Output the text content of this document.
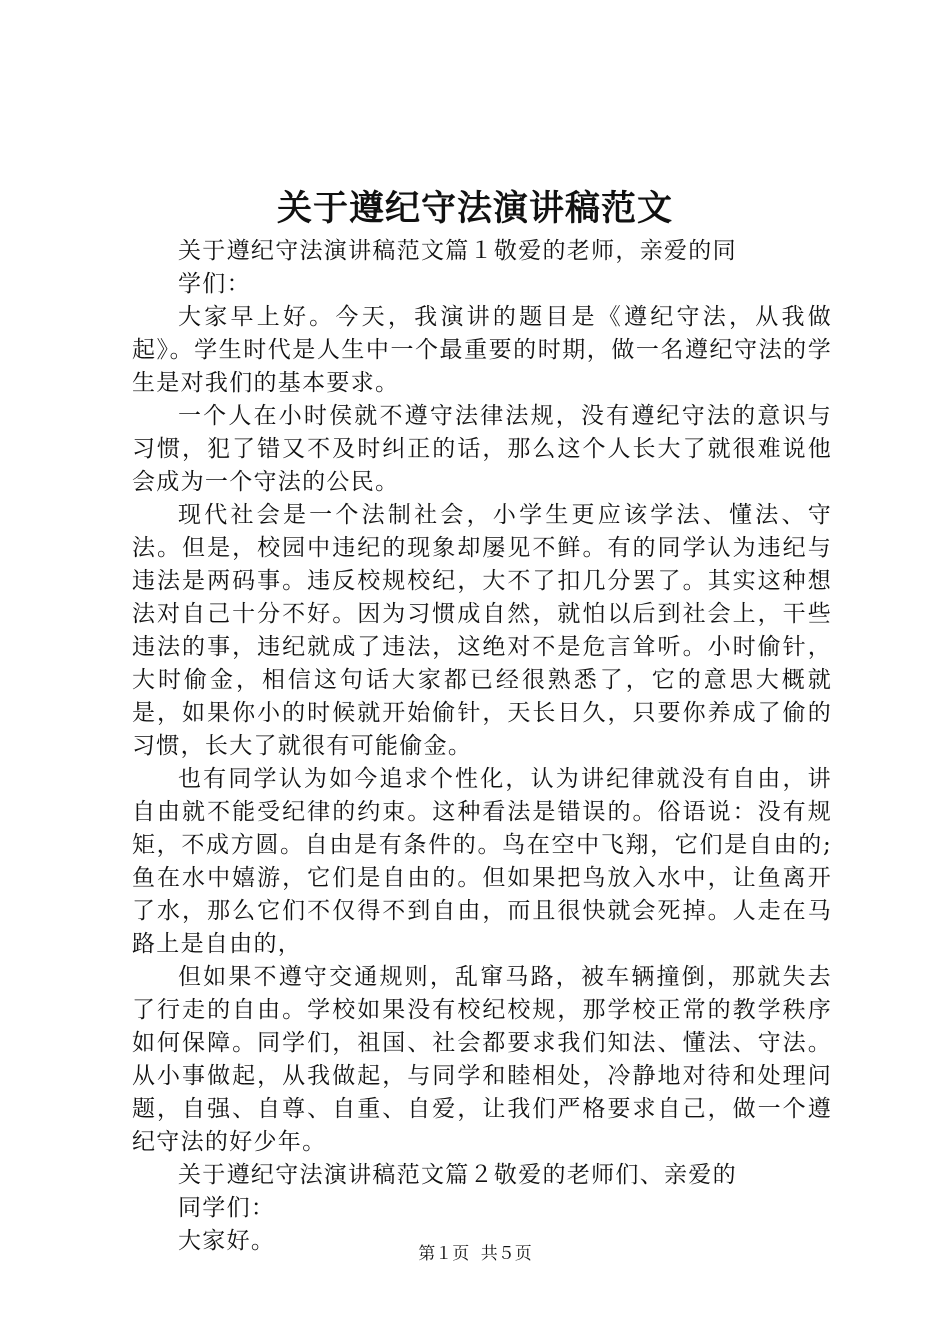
关于遵纪守法演讲稿范文

关于遵纪守法演讲稿范文篇１敬爱的老师，亲爱的同学们：

大家早上好。今天，我演讲的题目是《遵纪守法，从我做起》。学生时代是人生中一个最重要的时期，做一名遵纪守法的学生是对我们的基本要求。

一个人在小时侯就不遵守法律法规，没有遵纪守法的意识与习惯，犯了错又不及时纠正的话，那么这个人长大了就很难说他会成为一个守法的公民。

现代社会是一个法制社会，小学生更应该学法、懂法、守法。但是，校园中违纪的现象却屡见不鲜。有的同学认为违纪与违法是两码事。违反校规校纪，大不了扣几分罢了。其实这种想法对自己十分不好。因为习惯成自然，就怕以后到社会上，干些违法的事，违纪就成了违法，这绝对不是危言耸听。小时偷针，大时偷金，相信这句话大家都已经很熟悉了，它的意思大概就是，如果你小的时候就开始偷针，天长日久，只要你养成了偷的习惯，长大了就很有可能偷金。

也有同学认为如今追求个性化，认为讲纪律就没有自由，讲自由就不能受纪律的约束。这种看法是错误的。俗语说：没有规矩，不成方圆。自由是有条件的。鸟在空中飞翔，它们是自由的;鱼在水中嬉游，它们是自由的。但如果把鸟放入水中，让鱼离开了水，那么它们不仅得不到自由，而且很快就会死掉。人走在马路上是自由的，

但如果不遵守交通规则，乱窜马路，被车辆撞倒，那就失去了行走的自由。学校如果没有校纪校规，那学校正常的教学秩序如何保障。同学们，祖国、社会都要求我们知法、懂法、守法。从小事做起，从我做起，与同学和睦相处，冷静地对待和处理问题，自强、自尊、自重、自爱，让我们严格要求自己，做一个遵纪守法的好少年。

关于遵纪守法演讲稿范文篇２敬爱的老师们、亲爱的同学们：

大家好。	第１页 共５页
